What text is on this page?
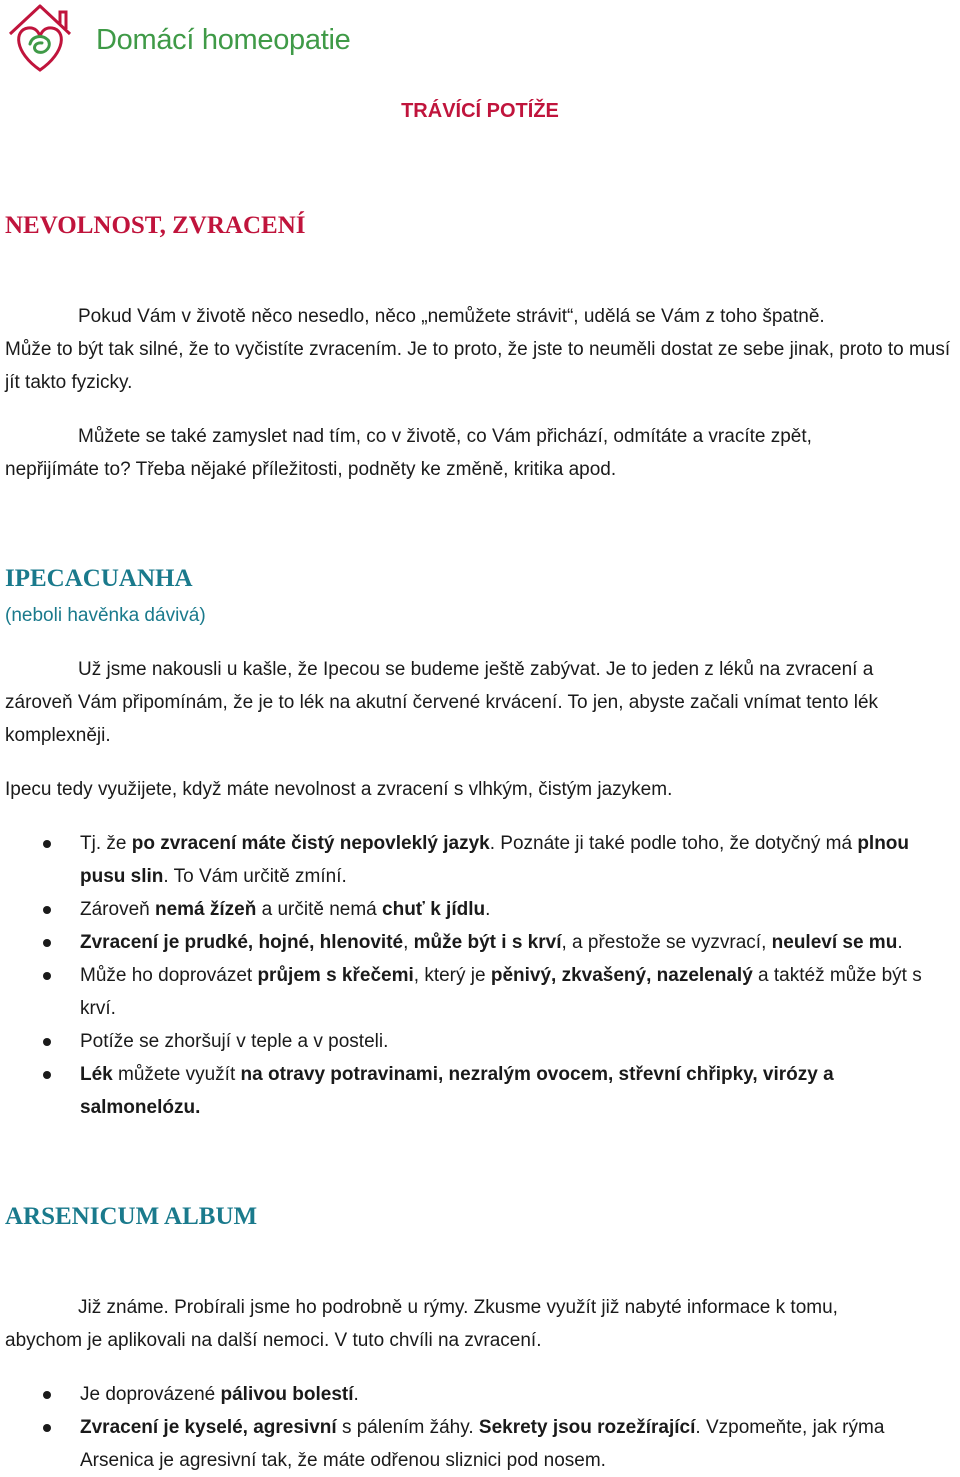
Domácí homeopatie
TRÁVÍCÍ POTÍŽE
NEVOLNOST, ZVRACENÍ
Pokud Vám v životě něco nesedlo, něco „nemůžete strávit“, udělá se Vám z toho špatně.
Může to být tak silné, že to vyčistíte zvracením. Je to proto, že jste to neuměli dostat ze sebe jinak, proto to musí jít takto fyzicky.
Můžete se také zamyslet nad tím, co v životě, co Vám přichází, odmítáte a vracíte zpět,
nepřijímáte to? Třeba nějaké příležitosti, podněty ke změně, kritika apod.
IPECACUANHA
(neboli havěnka dávivá)
Už jsme nakousli u kašle, že Ipecou se budeme ještě zabývat. Je to jeden z léků na zvracení a
zároveň Vám připomínám, že je to lék na akutní červené krvácení. To jen, abyste začali vnímat tento lék komplexněji.
Ipecu tedy využijete, když máte nevolnost a zvracení s vlhkým, čistým jazykem.
Tj. že po zvracení máte čistý nepovleklý jazyk. Poznáte ji také podle toho, že dotyčný má plnou pusu slin. To Vám určitě zmíní.
Zároveň nemá žízeň a určitě nemá chuť k jídlu.
Zvracení je prudké, hojné, hlenovité, může být i s krví, a přestože se vyzvrací, neuleví se mu.
Může ho doprovázet průjem s křečemi, který je pěnivý, zkvašený, nazelenalý a taktéž může být s krví.
Potíže se zhoršují v teple a v posteli.
Lék můžete využít na otravy potravinami, nezralým ovocem, střevní chřipky, virózy a salmonelózu.
ARSENICUM ALBUM
Již známe. Probírali jsme ho podrobně u rýmy. Zkusme využít již nabyté informace k tomu,
abychom je aplikovali na další nemoci. V tuto chvíli na zvracení.
Je doprovázené pálivou bolestí.
Zvracení je kyselé, agresivní s pálením žáhy. Sekrety jsou rozežírající. Vzpomeňte, jak rýma Arsenica je agresivní tak, že máte odřenou sliznici pod nosem.
